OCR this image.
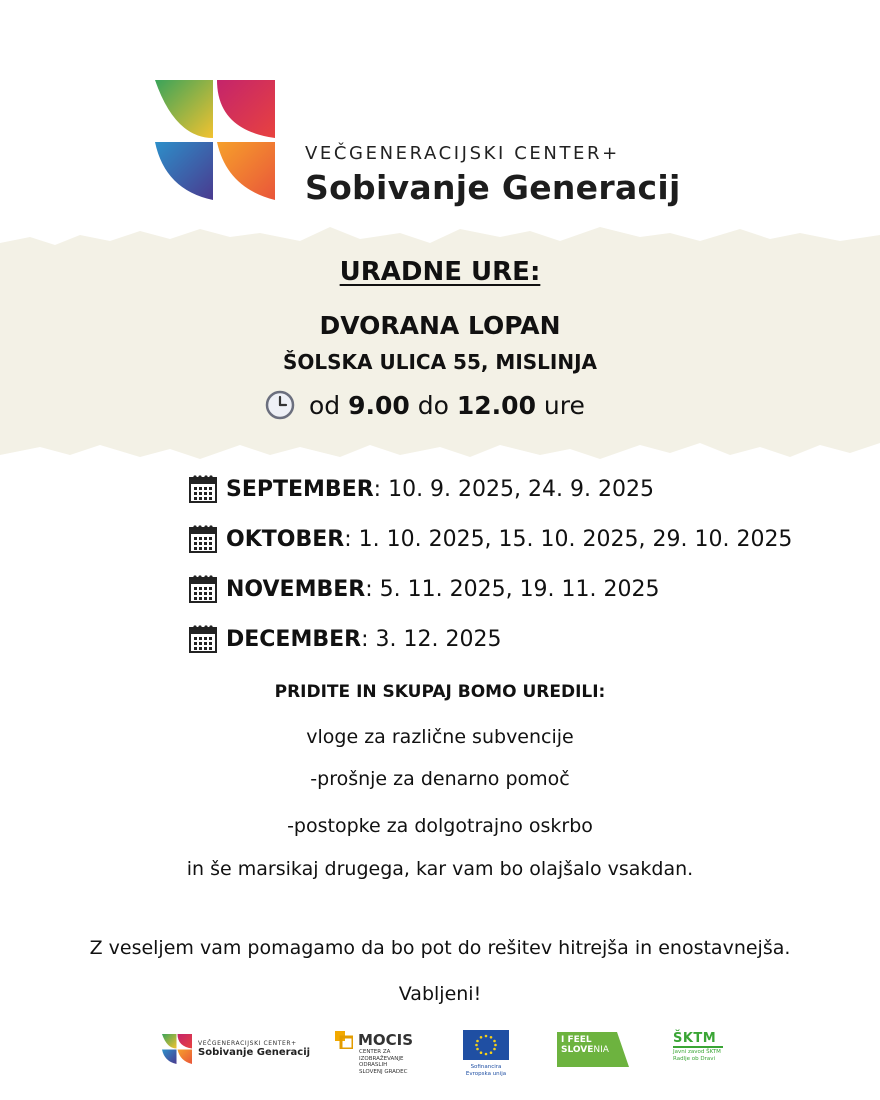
VEČGENERACIJSKI CENTER+
Sobivanje Generacij
URADNE URE:
DVORANA LOPAN
ŠOLSKA ULICA 55, MISLINJA
od
9.00
do
12.00
ure
SEPTEMBER : 10. 9. 2025, 24. 9. 2025
OKTOBER : 1. 10. 2025, 15. 10. 2025, 29. 10. 2025
NOVEMBER : 5. 11. 2025, 19. 11. 2025
DECEMBER : 3. 12. 2025
PRIDITE IN SKUPAJ BOMO UREDILI:
vloge za različne subvencije
-prošnje za denarno pomoč
-postopke za dolgotrajno oskrbo
in še marsikaj drugega, kar vam bo olajšalo vsakdan.
Z veseljem vam pomagamo da bo pot do rešitev hitrejša in enostavnejša.
Vabljeni!
VEČGENERACIJSKI CENTER+
Sobivanje Generacij
MOCIS
CENTER ZA
IZOBRAŽEVANJE
ODRASLIH
SLOVENJ GRADEC
Sofinancira
Evropska unija
I FEEL
SLOVENIA
ŠKTM
Javni zavod ŠKTM
Radlje ob Dravi
